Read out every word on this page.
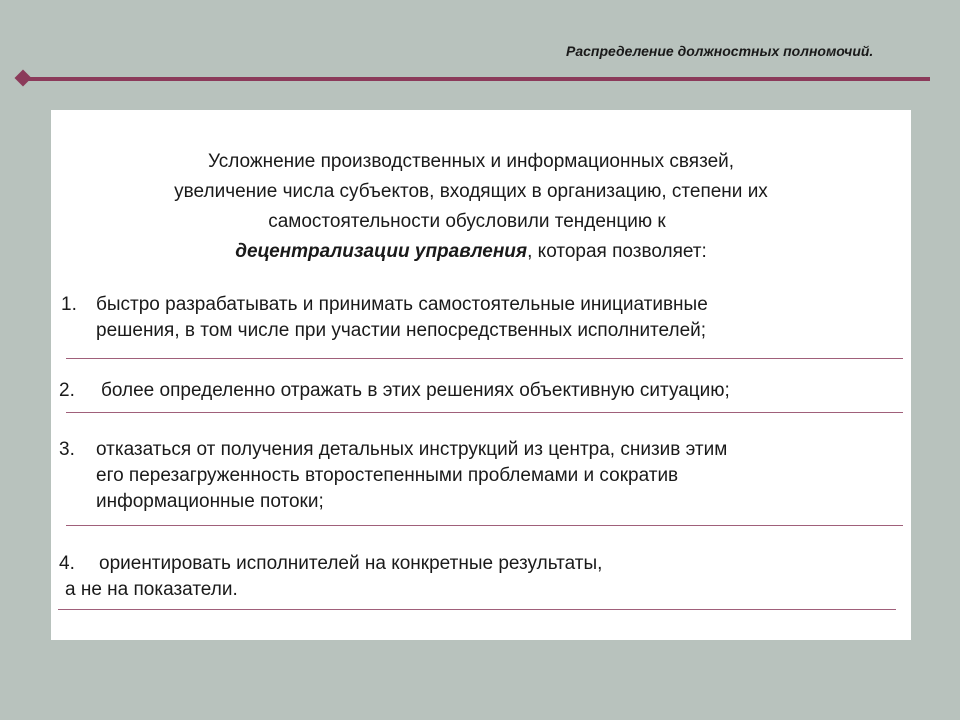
Распределение должностных полномочий.
Усложнение производственных и информационных связей,
увеличение числа субъектов, входящих в организацию, степени их
самостоятельности обусловили тенденцию к
децентрализации управления, которая позволяет:
1. быстро разрабатывать и принимать самостоятельные инициативные
решения, в том числе при участии непосредственных исполнителей;
2. более определенно отражать в этих решениях объективную ситуацию;
3. отказаться от получения детальных инструкций из центра, снизив этим
его перезагруженность второстепенными проблемами и сократив
информационные потоки;
4. ориентировать исполнителей на конкретные результаты,
а не на показатели.
